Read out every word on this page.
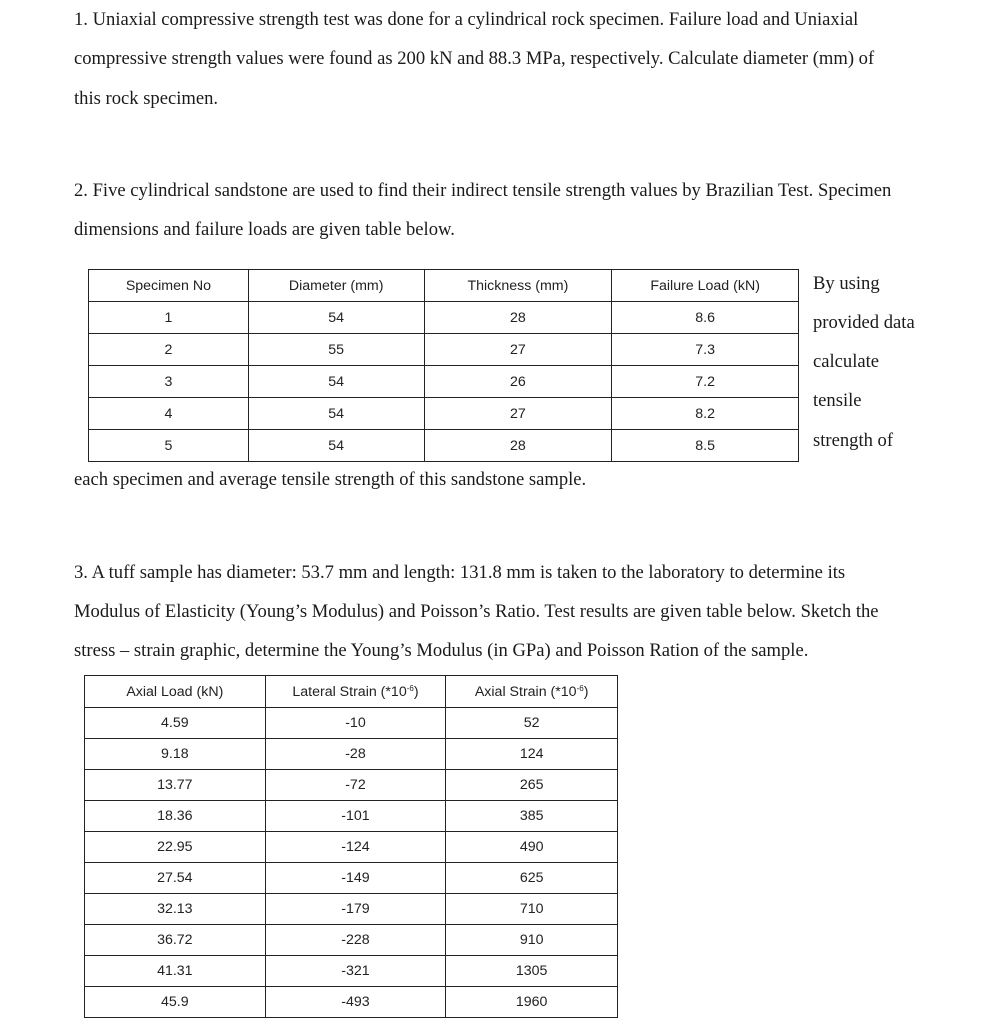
1. Uniaxial compressive strength test was done for a cylindrical rock specimen. Failure load and Uniaxial
compressive strength values were found as 200 kN and 88.3 MPa, respectively. Calculate diameter (mm) of
this rock specimen.
2. Five cylindrical sandstone are used to find their indirect tensile strength values by Brazilian Test. Specimen
dimensions and failure loads are given table below.
Specimen No	Diameter (mm)	Thickness (mm)	Failure Load (kN)
1	54	28	8.6
2	55	27	7.3
3	54	26	7.2
4	54	27	8.2
5	54	28	8.5
By using
provided data
calculate
tensile
strength of
each specimen and average tensile strength of this sandstone sample.
3. A tuff sample has diameter: 53.7 mm and length: 131.8 mm is taken to the laboratory to determine its
Modulus of Elasticity (Young’s Modulus) and Poisson’s Ratio. Test results are given table below. Sketch the
stress – strain graphic, determine the Young’s Modulus (in GPa) and Poisson Ration of the sample.
Axial Load (kN)	Lateral Strain $(*10^{-6})$	Axial Strain $(*10^{-6})$
4.59	-10	52
9.18	-28	124
13.77	-72	265
18.36	-101	385
22.95	-124	490
27.54	-149	625
32.13	-179	710
36.72	-228	910
41.31	-321	1305
45.9	-493	1960
